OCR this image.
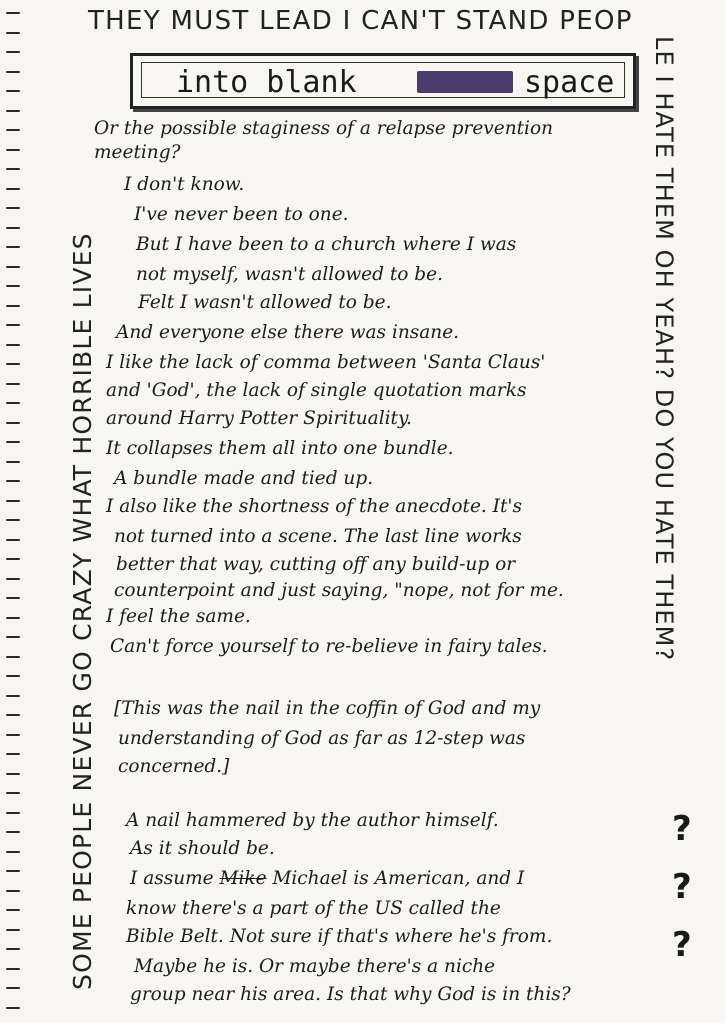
THEY MUST LEAD I CAN'T STAND PEOP
LE I HATE THEM OH YEAH? DO YOU HATE THEM?
? ? ?
SOME PEOPLE NEVER GO CRAZY WHAT HORRIBLE LIVES
into blank	space
Or the possible staginess of a relapse prevention
meeting?
I don't know.
I've never been to one.
But I have been to a church where I was
not myself, wasn't allowed to be.
Felt I wasn't allowed to be.
And everyone else there was insane.
I like the lack of comma between 'Santa Claus'
and 'God', the lack of single quotation marks
around Harry Potter Spirituality.
It collapses them all into one bundle.
A bundle made and tied up.
I also like the shortness of the anecdote. It's
not turned into a scene. The last line works
better that way, cutting off any build-up or
counterpoint and just saying, "nope, not for me.
I feel the same.
Can't force yourself to re-believe in fairy tales.
[This was the nail in the coffin of God and my
understanding of God as far as 12-step was
concerned.]
A nail hammered by the author himself.
As it should be.
I assume Mike Michael is American, and I
know there's a part of the US called the
Bible Belt. Not sure if that's where he's from.
Maybe he is. Or maybe there's a niche
group near his area. Is that why God is in this?
